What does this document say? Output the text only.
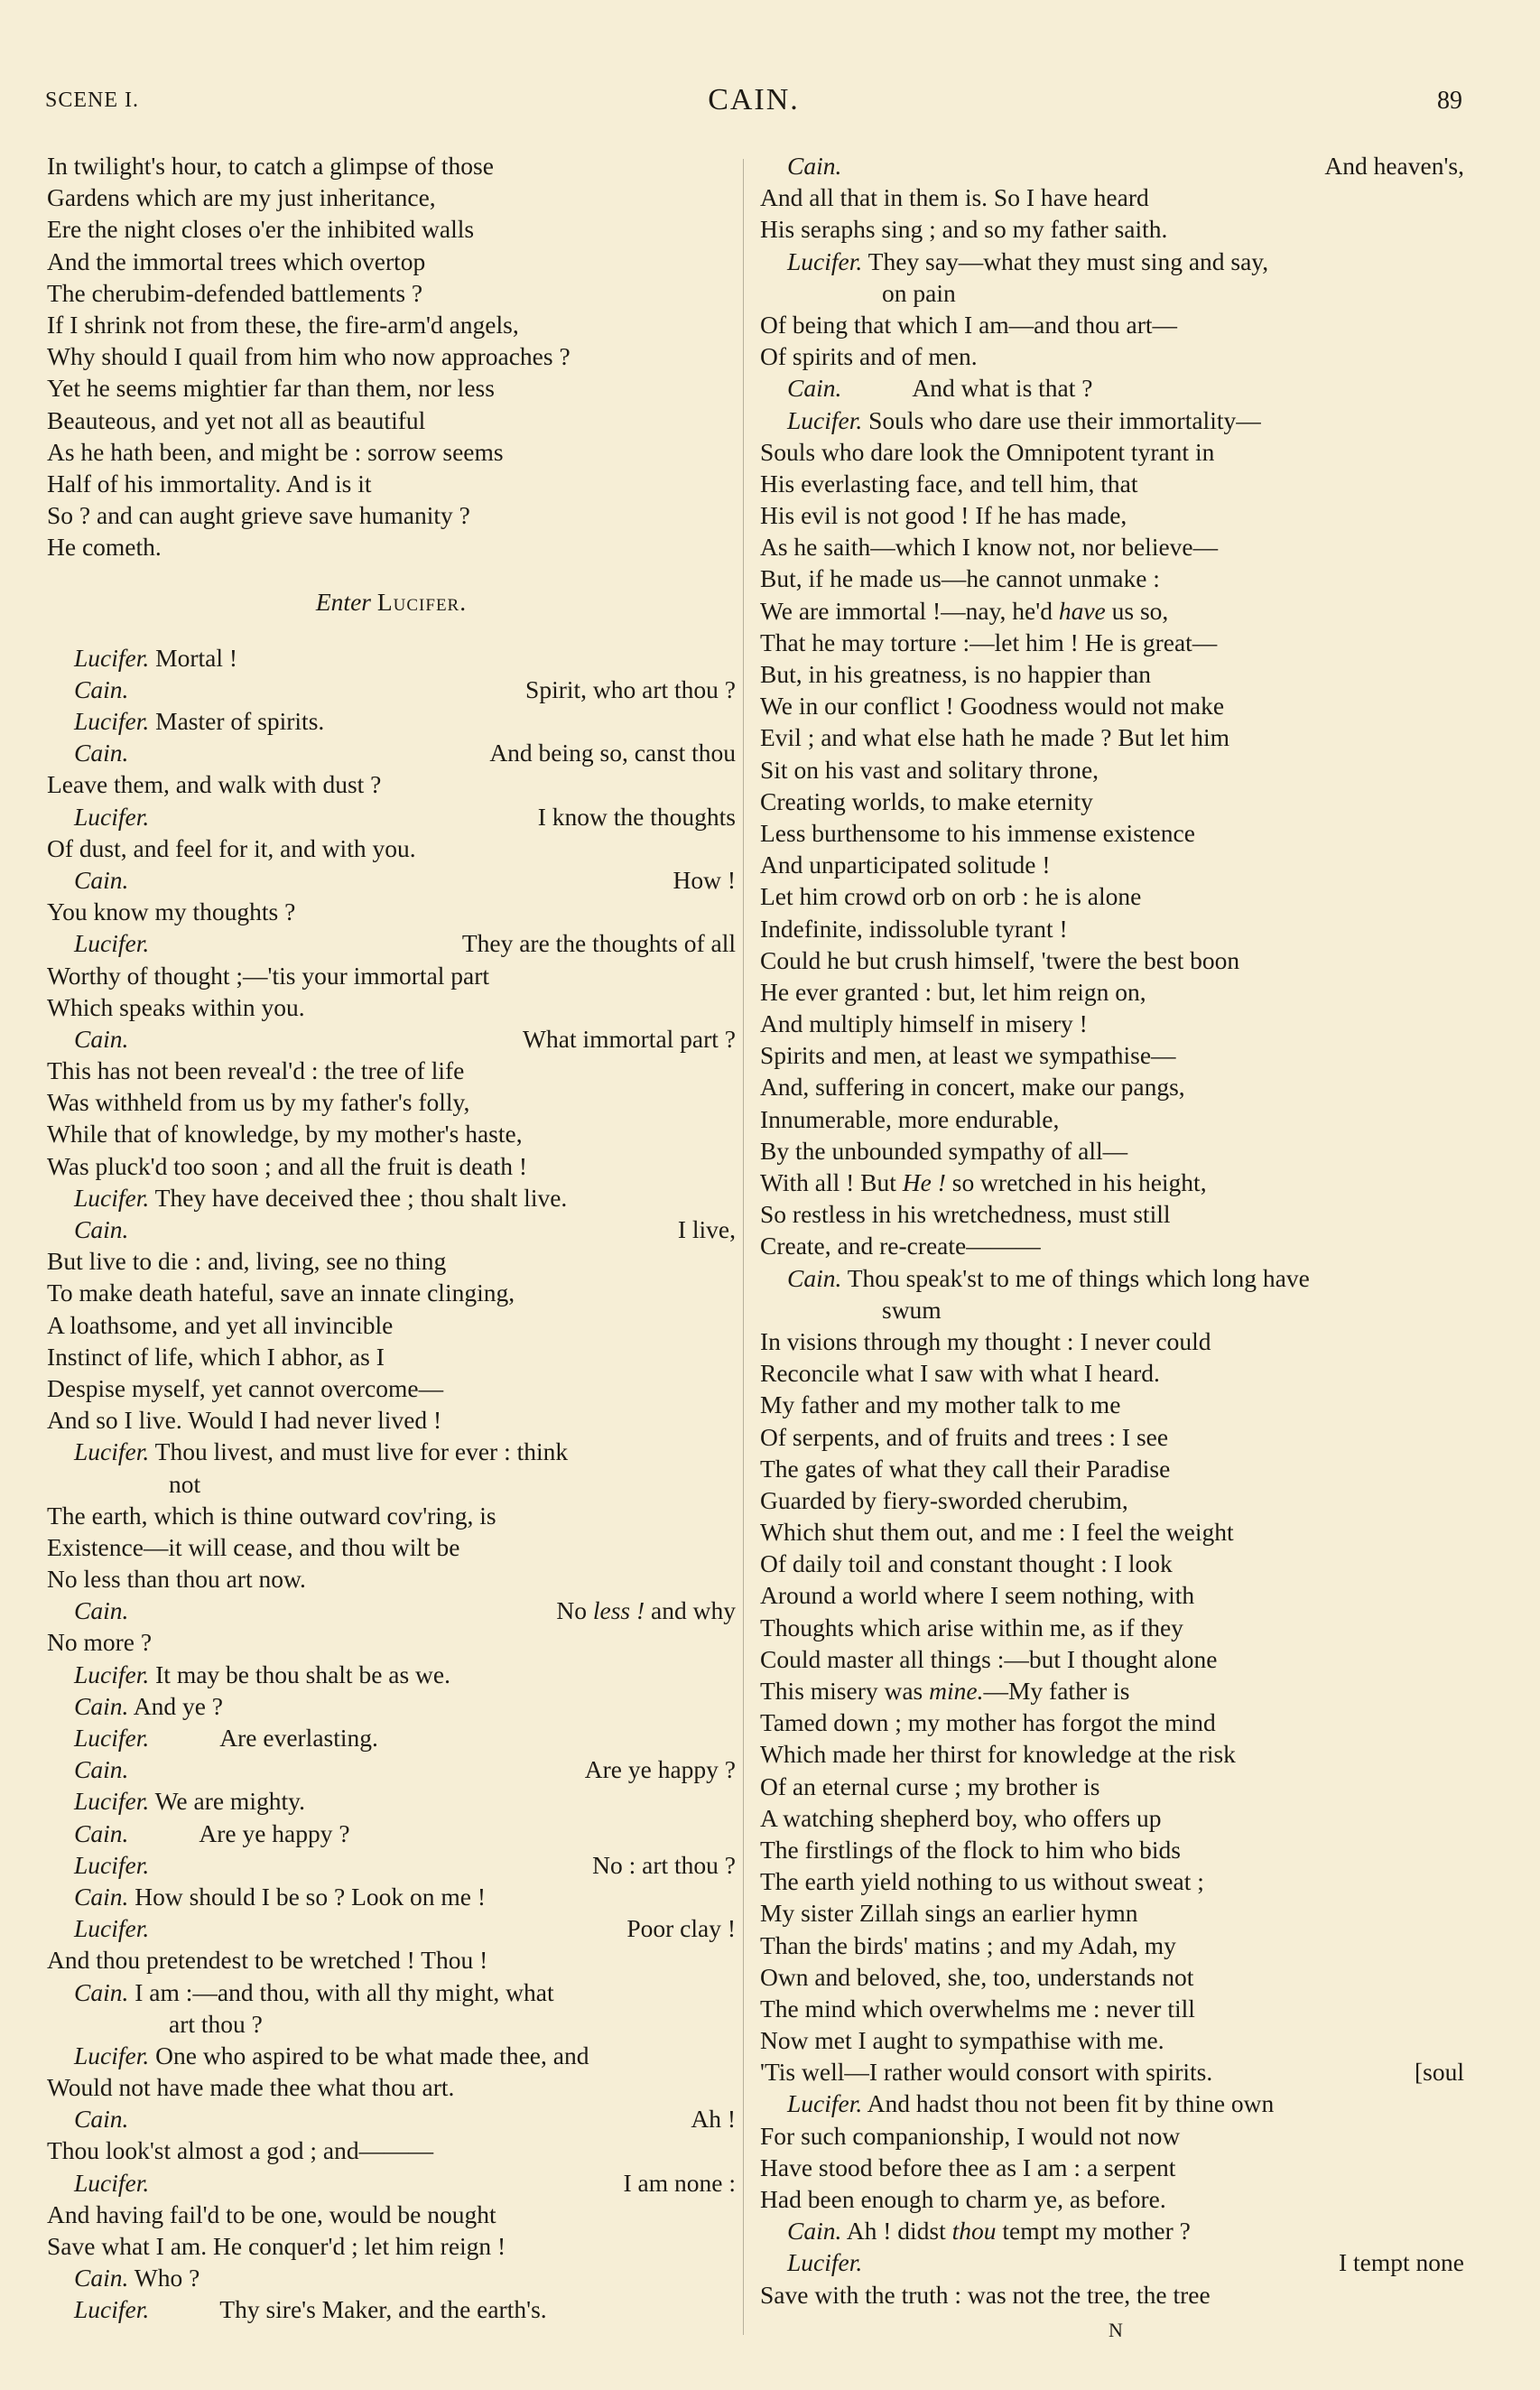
SCENE I.	CAIN.	89
In twilight's hour, to catch a glimpse of those
Gardens which are my just inheritance,
Ere the night closes o'er the inhibited walls
And the immortal trees which overtop
The cherubim-defended battlements ?
If I shrink not from these, the fire-arm'd angels,
Why should I quail from him who now approaches ?
Yet he seems mightier far than them, nor less
Beauteous, and yet not all as beautiful
As he hath been, and might be : sorrow seems
Half of his immortality. And is it
So ? and can aught grieve save humanity ?
He cometh.
Enter Lucifer.
Lucifer. Mortal !
Cain.	Spirit, who art thou ?
Lucifer. Master of spirits.
Cain.	And being so, canst thou
Leave them, and walk with dust ?
Lucifer.	I know the thoughts
Of dust, and feel for it, and with you.
Cain.	How !
You know my thoughts ?
Lucifer.	They are the thoughts of all
Worthy of thought ;—'tis your immortal part
Which speaks within you.
Cain.	What immortal part ?
This has not been reveal'd : the tree of life
Was withheld from us by my father's folly,
While that of knowledge, by my mother's haste,
Was pluck'd too soon ; and all the fruit is death !
Lucifer. They have deceived thee ; thou shalt live.
Cain.	I live,
But live to die : and, living, see no thing
To make death hateful, save an innate clinging,
A loathsome, and yet all invincible
Instinct of life, which I abhor, as I
Despise myself, yet cannot overcome—
And so I live. Would I had never lived !
Lucifer. Thou livest, and must live for ever : think
not
The earth, which is thine outward cov'ring, is
Existence—it will cease, and thou wilt be
No less than thou art now.
Cain.	No less ! and why
No more ?
Lucifer. It may be thou shalt be as we.
Cain. And ye ?
Lucifer.	Are everlasting.
Cain.	Are ye happy ?
Lucifer. We are mighty.
Cain.	Are ye happy ?
Lucifer.	No : art thou ?
Cain. How should I be so ? Look on me !
Lucifer.	Poor clay !
And thou pretendest to be wretched ! Thou !
Cain. I am :—and thou, with all thy might, what
art thou ?
Lucifer. One who aspired to be what made thee, and
Would not have made thee what thou art.
Cain.	Ah !
Thou look'st almost a god ; and———
Lucifer.	I am none :
And having fail'd to be one, would be nought
Save what I am. He conquer'd ; let him reign !
Cain. Who ?
Lucifer.	Thy sire's Maker, and the earth's.
Cain.	And heaven's,
And all that in them is. So I have heard
His seraphs sing ; and so my father saith.
Lucifer. They say—what they must sing and say,
on pain
Of being that which I am—and thou art—
Of spirits and of men.
Cain.	And what is that ?
Lucifer. Souls who dare use their immortality—
Souls who dare look the Omnipotent tyrant in
His everlasting face, and tell him, that
His evil is not good ! If he has made,
As he saith—which I know not, nor believe—
But, if he made us—he cannot unmake :
We are immortal !—nay, he'd have us so,
That he may torture :—let him ! He is great—
But, in his greatness, is no happier than
We in our conflict ! Goodness would not make
Evil ; and what else hath he made ? But let him
Sit on his vast and solitary throne,
Creating worlds, to make eternity
Less burthensome to his immense existence
And unparticipated solitude !
Let him crowd orb on orb : he is alone
Indefinite, indissoluble tyrant !
Could he but crush himself, 'twere the best boon
He ever granted : but, let him reign on,
And multiply himself in misery !
Spirits and men, at least we sympathise—
And, suffering in concert, make our pangs,
Innumerable, more endurable,
By the unbounded sympathy of all—
With all ! But He ! so wretched in his height,
So restless in his wretchedness, must still
Create, and re-create———
Cain. Thou speak'st to me of things which long have
swum
In visions through my thought : I never could
Reconcile what I saw with what I heard.
My father and my mother talk to me
Of serpents, and of fruits and trees : I see
The gates of what they call their Paradise
Guarded by fiery-sworded cherubim,
Which shut them out, and me : I feel the weight
Of daily toil and constant thought : I look
Around a world where I seem nothing, with
Thoughts which arise within me, as if they
Could master all things :—but I thought alone
This misery was mine.—My father is
Tamed down ; my mother has forgot the mind
Which made her thirst for knowledge at the risk
Of an eternal curse ; my brother is
A watching shepherd boy, who offers up
The firstlings of the flock to him who bids
The earth yield nothing to us without sweat ;
My sister Zillah sings an earlier hymn
Than the birds' matins ; and my Adah, my
Own and beloved, she, too, understands not
The mind which overwhelms me : never till
Now met I aught to sympathise with me.
'Tis well—I rather would consort with spirits.	[soul
Lucifer. And hadst thou not been fit by thine own
For such companionship, I would not now
Have stood before thee as I am : a serpent
Had been enough to charm ye, as before.
Cain. Ah ! didst thou tempt my mother ?
Lucifer.	I tempt none
Save with the truth : was not the tree, the tree
N
